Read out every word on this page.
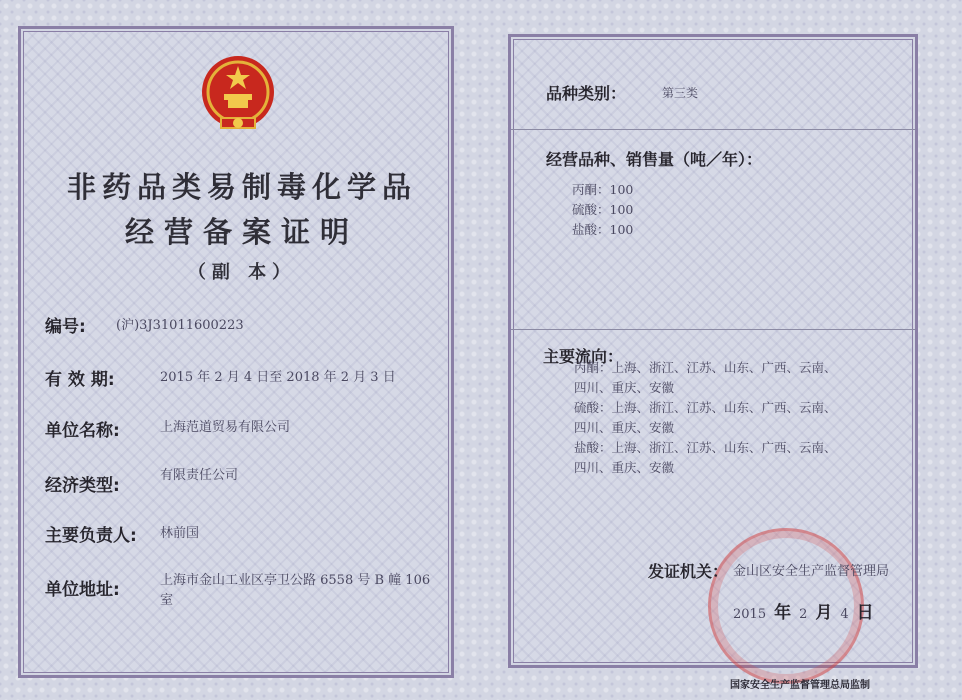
非药品类易制毒化学品
经营备案证明
（副 本）
编号: (沪)3J31011600223
有 效 期:	2015 年 2 月 4 日至 2018 年 2 月 3 日
单位名称:	上海范道贸易有限公司
经济类型:
有限责任公司
主要负责人: 林前国
单位地址:	上海市金山工业区亭卫公路 6558 号 B 幢 106 室
品种类别：	第三类
经营品种、销售量（吨／年）：
丙酮：100
硫酸：100
盐酸：100
主要流向：
丙酮：上海、浙江、江苏、山东、广西、云南、
四川、重庆、安徽
硫酸：上海、浙江、江苏、山东、广西、云南、
四川、重庆、安徽
盐酸：上海、浙江、江苏、山东、广西、云南、
四川、重庆、安徽
发证机关： 金山区安全生产监督管理局
2015 年 2 月 4 日
国家安全生产监督管理总局监制
